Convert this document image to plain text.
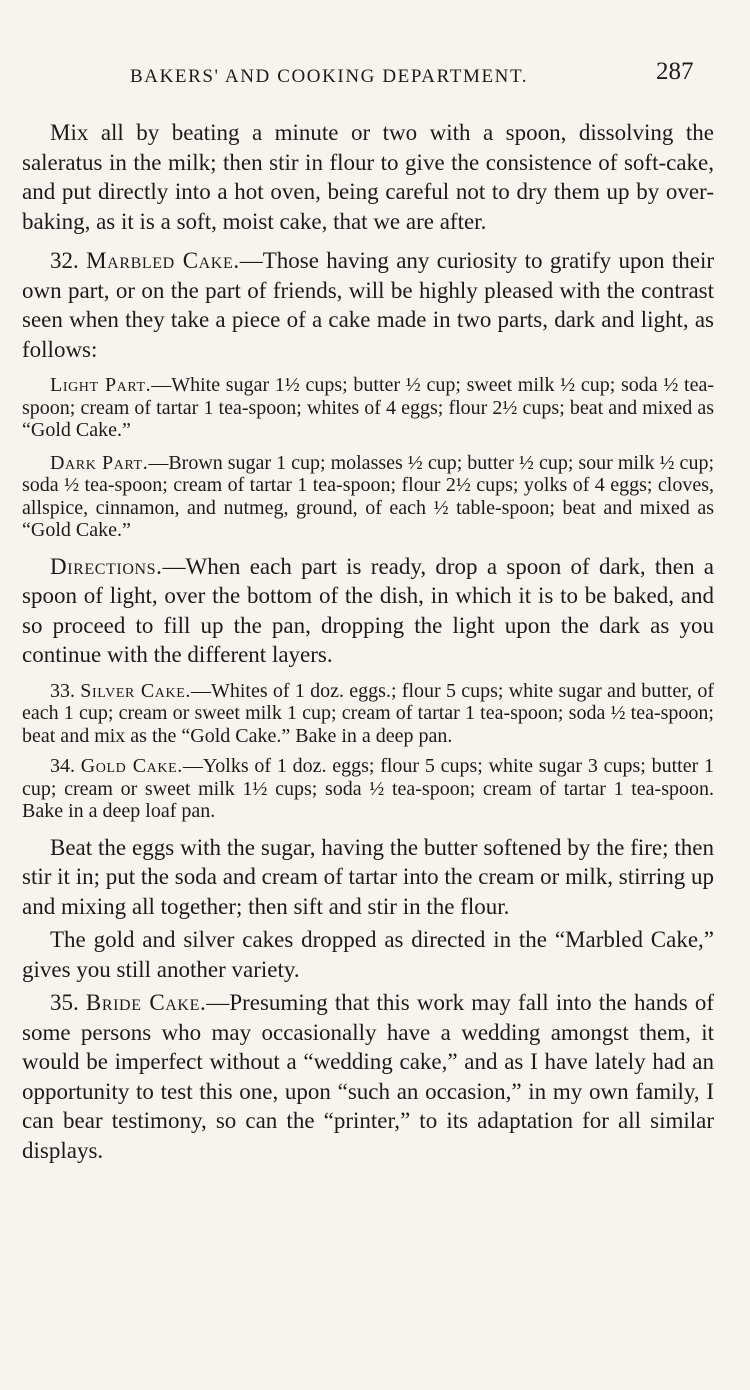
BAKERS' AND COOKING DEPARTMENT.	287

Mix all by beating a minute or two with a spoon, dissolving the saleratus in the milk; then stir in flour to give the consistence of soft-cake, and put directly into a hot oven, being careful not to dry them up by over-baking, as it is a soft, moist cake, that we are after.

32. Marbled Cake.—Those having any curiosity to gratify upon their own part, or on the part of friends, will be highly pleased with the contrast seen when they take a piece of a cake made in two parts, dark and light, as follows:

Light Part.—White sugar 1½ cups; butter ½ cup; sweet milk ½ cup; soda ½ tea-spoon; cream of tartar 1 tea-spoon; whites of 4 eggs; flour 2½ cups; beat and mixed as “Gold Cake.”

Dark Part.—Brown sugar 1 cup; molasses ½ cup; butter ½ cup; sour milk ½ cup; soda ½ tea-spoon; cream of tartar 1 tea-spoon; flour 2½ cups; yolks of 4 eggs; cloves, allspice, cinnamon, and nutmeg, ground, of each ½ table-spoon; beat and mixed as “Gold Cake.”

Directions.—When each part is ready, drop a spoon of dark, then a spoon of light, over the bottom of the dish, in which it is to be baked, and so proceed to fill up the pan, dropping the light upon the dark as you continue with the different layers.

33. Silver Cake.—Whites of 1 doz. eggs.; flour 5 cups; white sugar and butter, of each 1 cup; cream or sweet milk 1 cup; cream of tartar 1 tea-spoon; soda ½ tea-spoon; beat and mix as the “Gold Cake.” Bake in a deep pan.

34. Gold Cake.—Yolks of 1 doz. eggs; flour 5 cups; white sugar 3 cups; butter 1 cup; cream or sweet milk 1½ cups; soda ½ tea-spoon; cream of tartar 1 tea-spoon. Bake in a deep loaf pan.

Beat the eggs with the sugar, having the butter softened by the fire; then stir it in; put the soda and cream of tartar into the cream or milk, stirring up and mixing all together; then sift and stir in the flour.

The gold and silver cakes dropped as directed in the “Marbled Cake,” gives you still another variety.

35. Bride Cake.—Presuming that this work may fall into the hands of some persons who may occasionally have a wedding amongst them, it would be imperfect without a “wedding cake,” and as I have lately had an opportunity to test this one, upon “such an occasion,” in my own family, I can bear testimony, so can the “printer,” to its adaptation for all similar displays.
